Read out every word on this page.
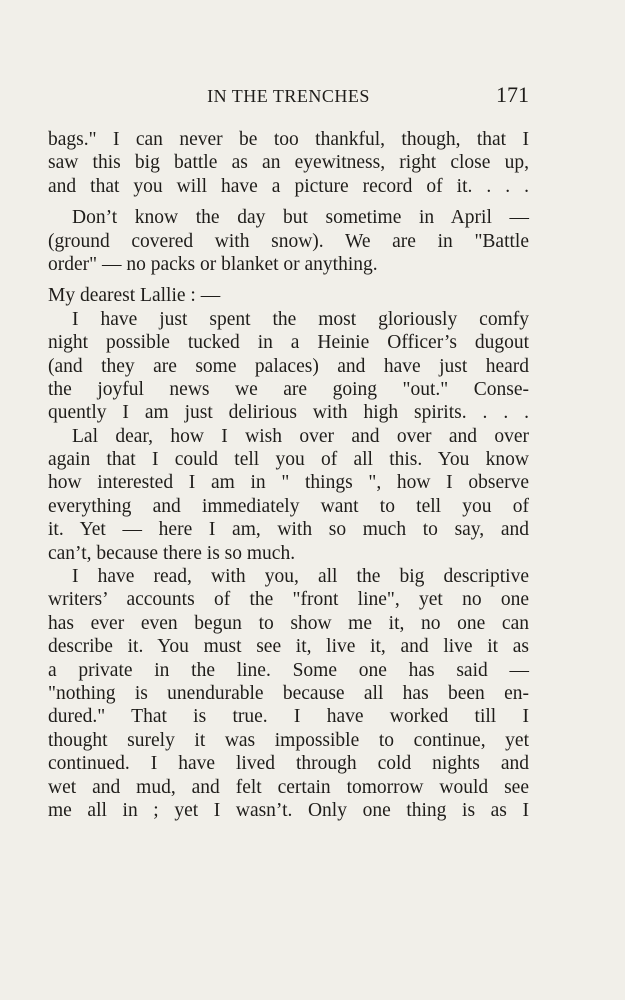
IN THE TRENCHES	171
bags." I can never be too thankful, though, that I
saw this big battle as an eyewitness, right close up,
and that you will have a picture record of it. . . .
Don’t know the day but sometime in April —
(ground covered with snow). We are in "Battle
order" — no packs or blanket or anything.
My dearest Lallie : —
I have just spent the most gloriously comfy
night possible tucked in a Heinie Officer’s dugout
(and they are some palaces) and have just heard
the joyful news we are going "out." Conse-
quently I am just delirious with high spirits. . . .
Lal dear, how I wish over and over and over
again that I could tell you of all this. You know
how interested I am in " things ", how I observe
everything and immediately want to tell you of
it. Yet — here I am, with so much to say, and
can’t, because there is so much.
I have read, with you, all the big descriptive
writers’ accounts of the "front line", yet no one
has ever even begun to show me it, no one can
describe it. You must see it, live it, and live it as
a private in the line. Some one has said —
"nothing is unendurable because all has been en-
dured." That is true. I have worked till I
thought surely it was impossible to continue, yet
continued. I have lived through cold nights and
wet and mud, and felt certain tomorrow would see
me all in ; yet I wasn’t. Only one thing is as I
